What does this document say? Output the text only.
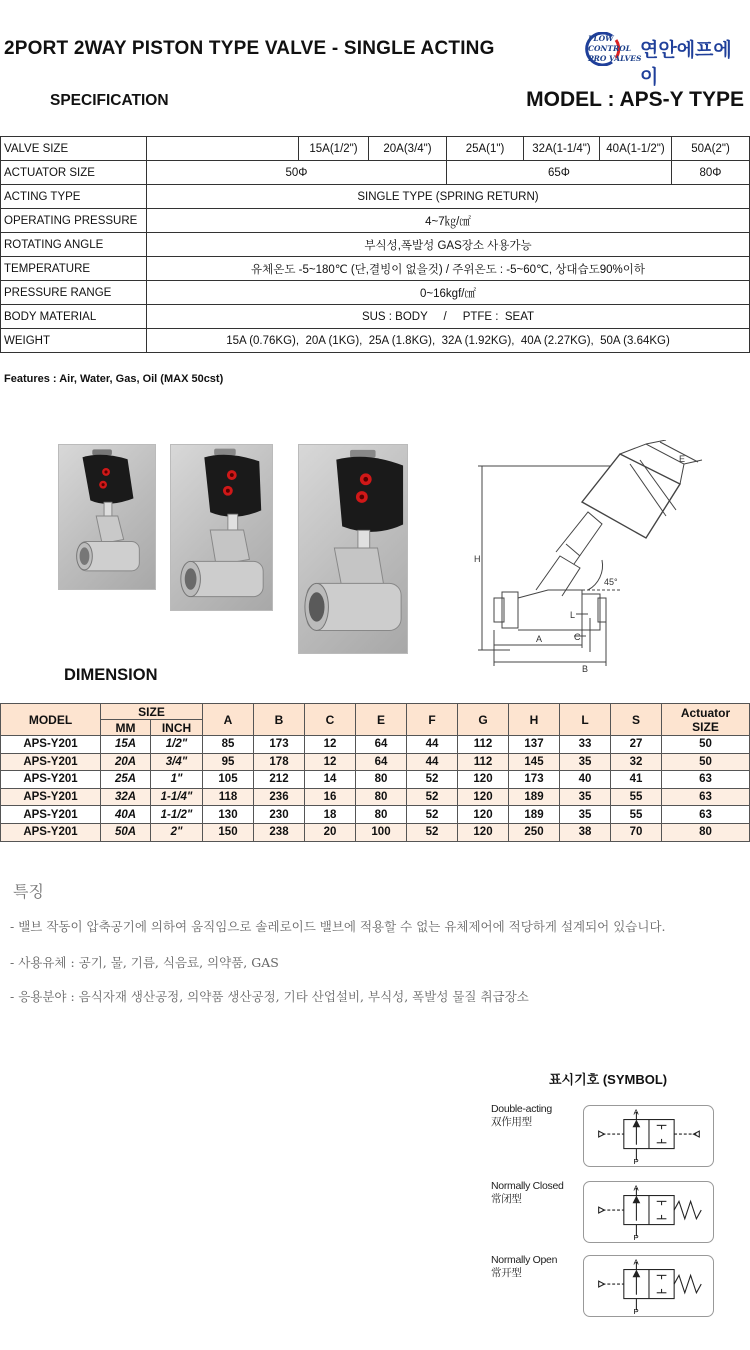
2PORT 2WAY PISTON TYPE VALVE - SINGLE ACTING	FLOW
CONTROL
PRO VALVES
연안에프에이
SPECIFICATION	MODEL : APS-Y TYPE
VALVE SIZE		15A(1/2")	20A(3/4")	25A(1")	32A(1-1/4")	40A(1-1/2")	50A(2")
ACTUATOR SIZE	50Φ			65Φ			80Φ
ACTING TYPE	SINGLE TYPE (SPRING RETURN)						
OPERATING PRESSURE	4~7㎏/㎠						
ROTATING ANGLE	부식성,폭발성 GAS장소 사용가능						
TEMPERATURE	유체온도 -5~180℃ (단,결빙이 없을것) / 주위온도 : -5~60℃, 상대습도90%이하						
PRESSURE RANGE	0~16kgf/㎠						
BODY MATERIAL	SUS : BODY     /     PTFE :  SEAT						
WEIGHT	15A (0.76KG),  20A (1KG),  25A (1.8KG),  32A (1.92KG),  40A (2.27KG),  50A (3.64KG)						
Features : Air, Water, Gas, Oil (MAX 50cst)
H
E
45°
L
C
A
B
DIMENSION
MODEL	SIZE		A	B	C	E	F	G	H	L	S	Actuator
SIZE
	MM	INCH										
APS-Y201	15A	1/2"	85	173	12	64	44	112	137	33	27	50
APS-Y201	20A	3/4"	95	178	12	64	44	112	145	35	32	50
APS-Y201	25A	1"	105	212	14	80	52	120	173	40	41	63
APS-Y201	32A	1-1/4"	118	236	16	80	52	120	189	35	55	63
APS-Y201	40A	1-1/2"	130	230	18	80	52	120	189	35	55	63
APS-Y201	50A	2"	150	238	20	100	52	120	250	38	70	80
특징
- 밸브 작동이 압축공기에 의하여 움직임으로 솔레로이드 밸브에 적용할 수 없는 유체제어에 적당하게 설계되어 있습니다.
- 사용유체 : 공기, 물, 기름, 식음료, 의약품, GAS
- 응용분야 : 음식자재 생산공정, 의약품 생산공정, 기타 산업설비, 부식성, 폭발성 물질 취급장소
표시기호 (SYMBOL)
Double-acting
双作用型
A
P
Normally Closed
常闭型
A
P
Normally Open
常开型
A
P
